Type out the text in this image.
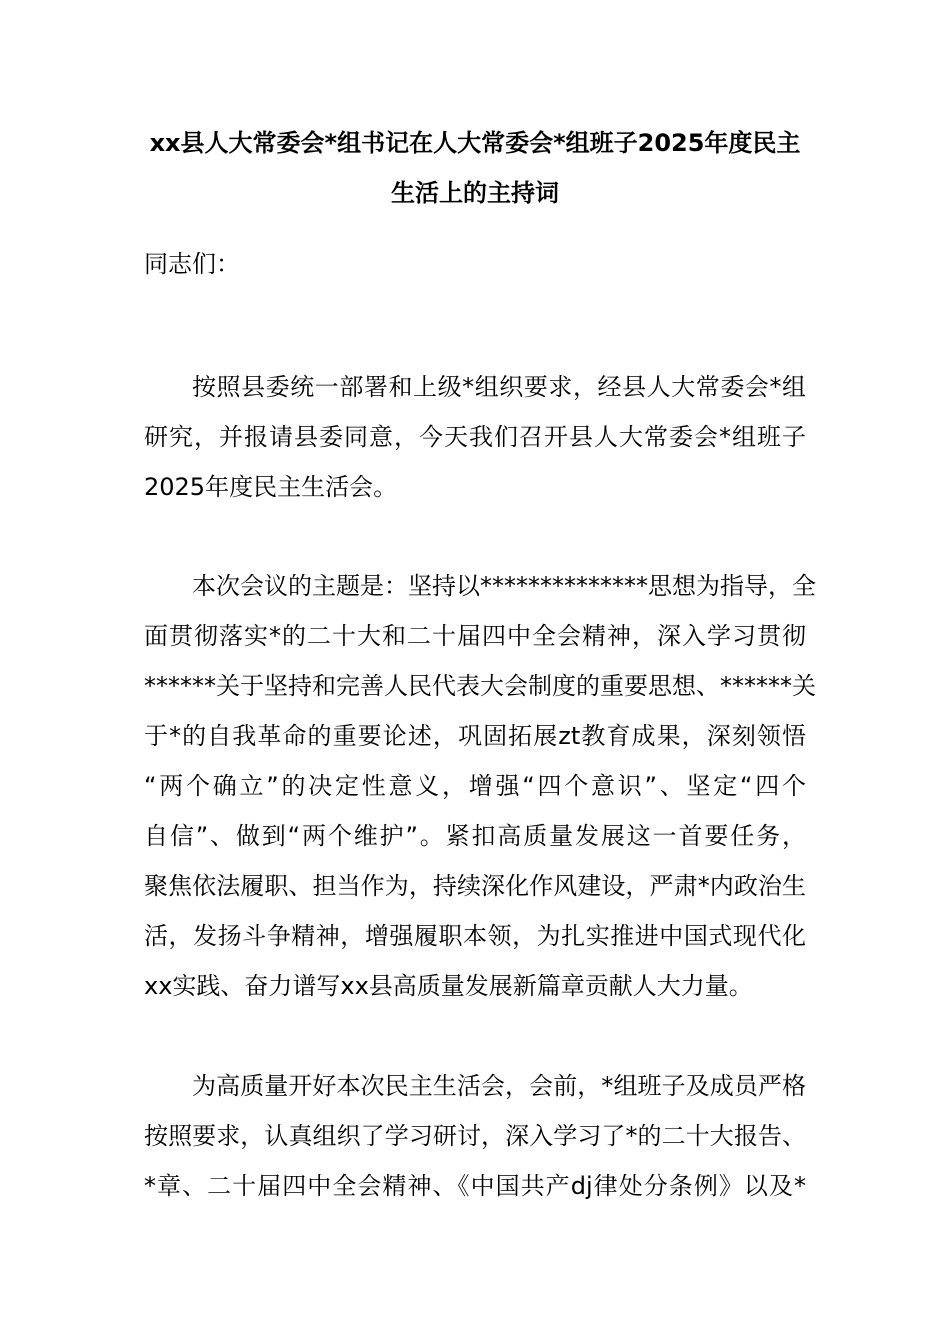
xx县人大常委会*组书记在人大常委会*组班子2025年度民主
生活上的主持词

同志们：

按照县委统一部署和上级*组织要求，经县人大常委会*组
研究，并报请县委同意，今天我们召开县人大常委会*组班子
2025年度民主生活会。
本次会议的主题是：坚持以**************思想为指导，全
面贯彻落实*的二十大和二十届四中全会精神，深入学习贯彻
******关于坚持和完善人民代表大会制度的重要思想、******关
于*的自我革命的重要论述，巩固拓展zt教育成果，深刻领悟
“两个确立”的决定性意义，增强“四个意识”、坚定“四个
自信”、做到“两个维护”。紧扣高质量发展这一首要任务，
聚焦依法履职、担当作为，持续深化作风建设，严肃*内政治生
活，发扬斗争精神，增强履职本领，为扎实推进中国式现代化
xx实践、奋力谱写xx县高质量发展新篇章贡献人大力量。
为高质量开好本次民主生活会，会前，*组班子及成员严格
按照要求，认真组织了学习研讨，深入学习了*的二十大报告、
*章、二十届四中全会精神、《中国共产dj律处分条例》以及*
